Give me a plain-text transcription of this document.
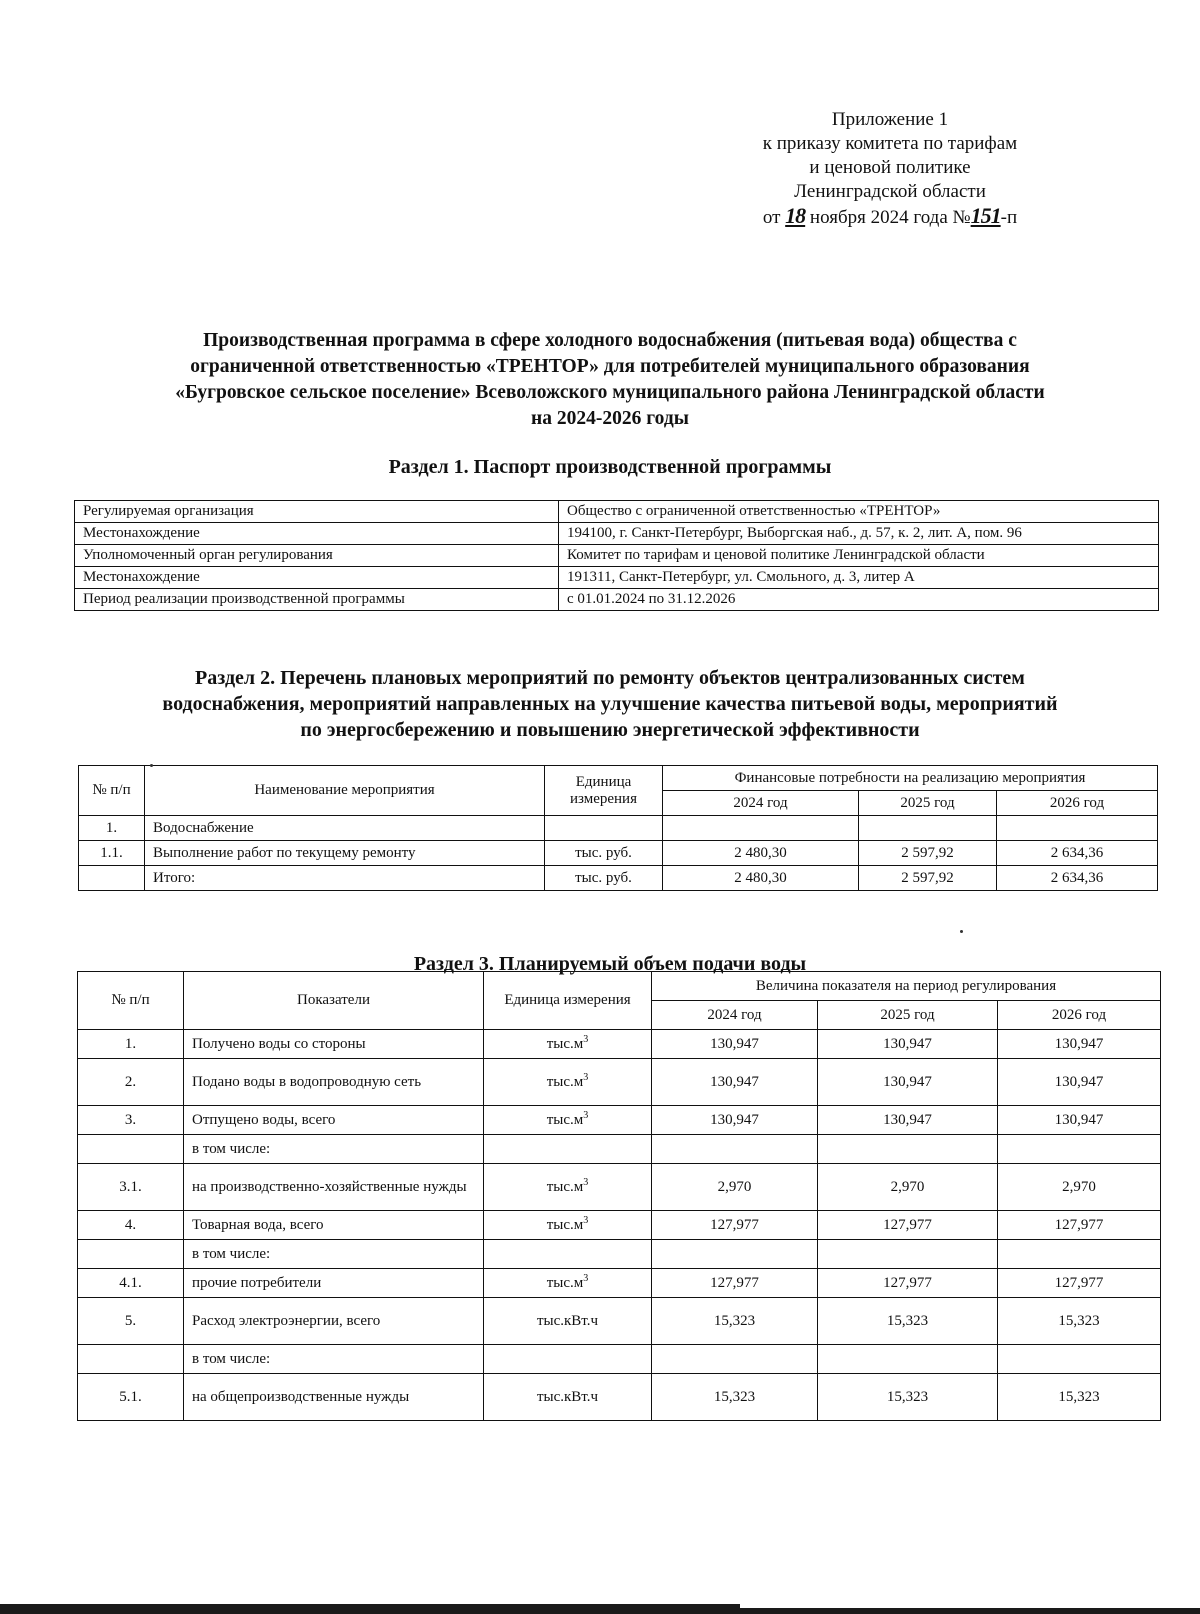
Приложение 1
к приказу комитета по тарифам
и ценовой политике
Ленинградской области
от 18 ноября 2024 года №151-п
Производственная программа в сфере холодного водоснабжения (питьевая вода) общества с
ограниченной ответственностью «ТРЕНТОР» для потребителей муниципального образования
«Бугровское сельское поселение» Всеволожского муниципального района Ленинградской области
на 2024-2026 годы
Раздел 1. Паспорт производственной программы
Регулируемая организация	Общество с ограниченной ответственностью «ТРЕНТОР»
Местонахождение	194100, г. Санкт-Петербург, Выборгская наб., д. 57, к. 2, лит. А, пом. 96
Уполномоченный орган регулирования	Комитет по тарифам и ценовой политике Ленинградской области
Местонахождение	191311, Санкт-Петербург, ул. Смольного, д. 3, литер А
Период реализации производственной программы	с 01.01.2024 по 31.12.2026
Раздел 2. Перечень плановых мероприятий по ремонту объектов централизованных систем
водоснабжения, мероприятий направленных на улучшение качества питьевой воды, мероприятий
по энергосбережению и повышению энергетической эффективности
№ п/п	Наименование мероприятия	Единица измерения	Финансовые потребности на реализацию мероприятия		
			2024 год	2025 год	2026 год
1.	Водоснабжение				
1.1.	Выполнение работ по текущему ремонту	тыс. руб.	2 480,30	2 597,92	2 634,36
	Итого:	тыс. руб.	2 480,30	2 597,92	2 634,36
Раздел 3. Планируемый объем подачи воды
№ п/п	Показатели	Единица измерения	Величина показателя на период регулирования		
			2024 год	2025 год	2026 год
1.	Получено воды со стороны	$тыс.м^3$	130,947	130,947	130,947
2.	Подано воды в водопроводную сеть	$тыс.м^3$	130,947	130,947	130,947
3.	Отпущено воды, всего	$тыс.м^3$	130,947	130,947	130,947
	в том числе:				
3.1.	на производственно-хозяйственные нужды	$тыс.м^3$	2,970	2,970	2,970
4.	Товарная вода, всего	$тыс.м^3$	127,977	127,977	127,977
	в том числе:				
4.1.	прочие потребители	$тыс.м^3$	127,977	127,977	127,977
5.	Расход электроэнергии, всего	тыс.кВт.ч	15,323	15,323	15,323
	в том числе:				
5.1.	на общепроизводственные нужды	тыс.кВт.ч	15,323	15,323	15,323
